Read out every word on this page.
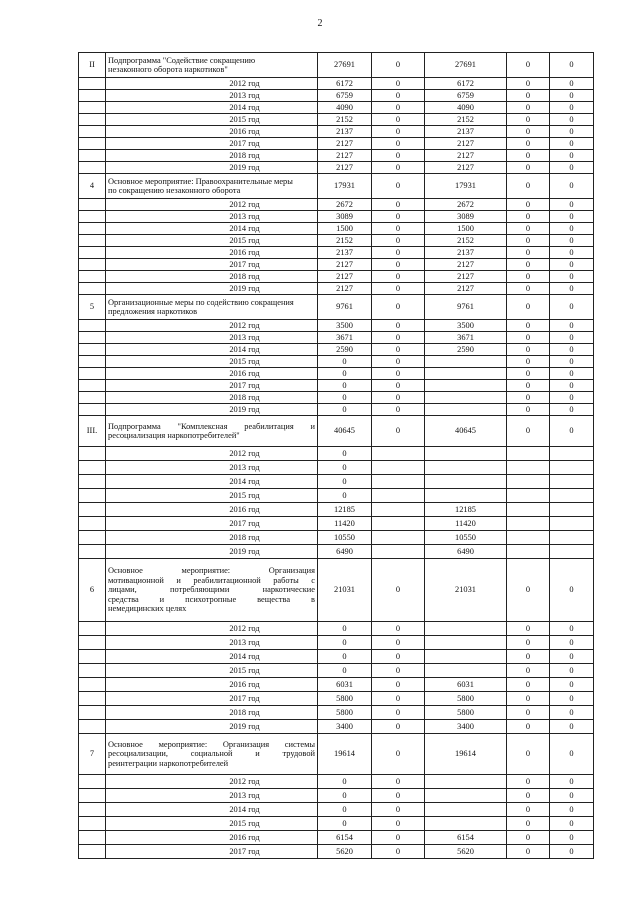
2
II	Подпрограмма "Содействие сокращению
незаконного оборота наркотиков"	27691	0	27691	0	0
	2012 год	6172	0	6172	0	0
	2013 год	6759	0	6759	0	0
	2014 год	4090	0	4090	0	0
	2015 год	2152	0	2152	0	0
	2016 год	2137	0	2137	0	0
	2017 год	2127	0	2127	0	0
	2018 год	2127	0	2127	0	0
	2019 год	2127	0	2127	0	0
4	Основное мероприятие: Правоохранительные меры
по сокращению незаконного оборота	17931	0	17931	0	0
	2012 год	2672	0	2672	0	0
	2013 год	3089	0	3089	0	0
	2014 год	1500	0	1500	0	0
	2015 год	2152	0	2152	0	0
	2016 год	2137	0	2137	0	0
	2017 год	2127	0	2127	0	0
	2018 год	2127	0	2127	0	0
	2019 год	2127	0	2127	0	0
5	Организационные меры по содействию сокращения
предложения наркотиков	9761	0	9761	0	0
	2012 год	3500	0	3500	0	0
	2013 год	3671	0	3671	0	0
	2014 год	2590	0	2590	0	0
	2015 год	0	0		0	0
	2016 год	0	0		0	0
	2017 год	0	0		0	0
	2018 год	0	0		0	0
	2019 год	0	0		0	0
III.	Подпрограмма "Комплексная реабилитация и
ресоциализация наркопотребителей"	40645	0	40645	0	0
	2012 год	0				
	2013 год	0				
	2014 год	0				
	2015 год	0				
	2016 год	12185		12185		
	2017 год	11420		11420		
	2018 год	10550		10550		
	2019 год	6490		6490		
6	Основное мероприятие: Организация
мотивационной и реабилитационной работы с
лицами, потребляющими наркотические
средства и психотропные вещества в
немедицинских целях	21031	0	21031	0	0
	2012 год	0	0		0	0
	2013 год	0	0		0	0
	2014 год	0	0		0	0
	2015 год	0	0		0	0
	2016 год	6031	0	6031	0	0
	2017 год	5800	0	5800	0	0
	2018 год	5800	0	5800	0	0
	2019 год	3400	0	3400	0	0
7	Основное мероприятие: Организация системы
ресоциализации, социальной и трудовой
реинтеграции наркопотребителей	19614	0	19614	0	0
	2012 год	0	0		0	0
	2013 год	0	0		0	0
	2014 год	0	0		0	0
	2015 год	0	0		0	0
	2016 год	6154	0	6154	0	0
	2017 год	5620	0	5620	0	0
